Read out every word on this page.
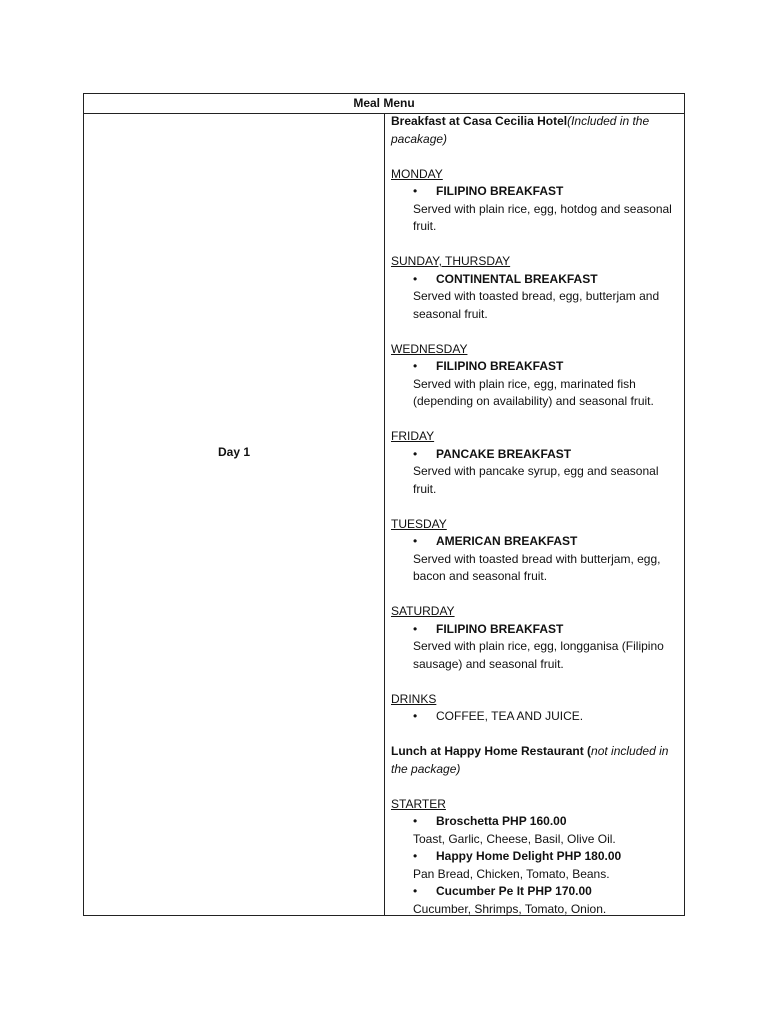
Meal Menu
Day 1

Breakfast at Casa Cecilia Hotel(Included in the pacakage)

MONDAY

• FILIPINO BREAKFAST

Served with plain rice, egg, hotdog and seasonal fruit.

SUNDAY, THURSDAY

• CONTINENTAL BREAKFAST

Served with toasted bread, egg, butterjam and seasonal fruit.

WEDNESDAY

• FILIPINO BREAKFAST

Served with plain rice, egg, marinated fish (depending on availability) and seasonal fruit.

FRIDAY

• PANCAKE BREAKFAST

Served with pancake syrup, egg and seasonal fruit.

TUESDAY

• AMERICAN BREAKFAST

Served with toasted bread with butterjam, egg, bacon and seasonal fruit.

SATURDAY

• FILIPINO BREAKFAST

Served with plain rice, egg, longganisa (Filipino sausage) and seasonal fruit.

DRINKS

• COFFEE, TEA AND JUICE.

Lunch at Happy Home Restaurant (not included in the package)

STARTER

• Broschetta PHP 160.00

Toast, Garlic, Cheese, Basil, Olive Oil.

• Happy Home Delight PHP 180.00

Pan Bread, Chicken, Tomato, Beans.

• Cucumber Pe It PHP 170.00

Cucumber, Shrimps, Tomato, Onion.
